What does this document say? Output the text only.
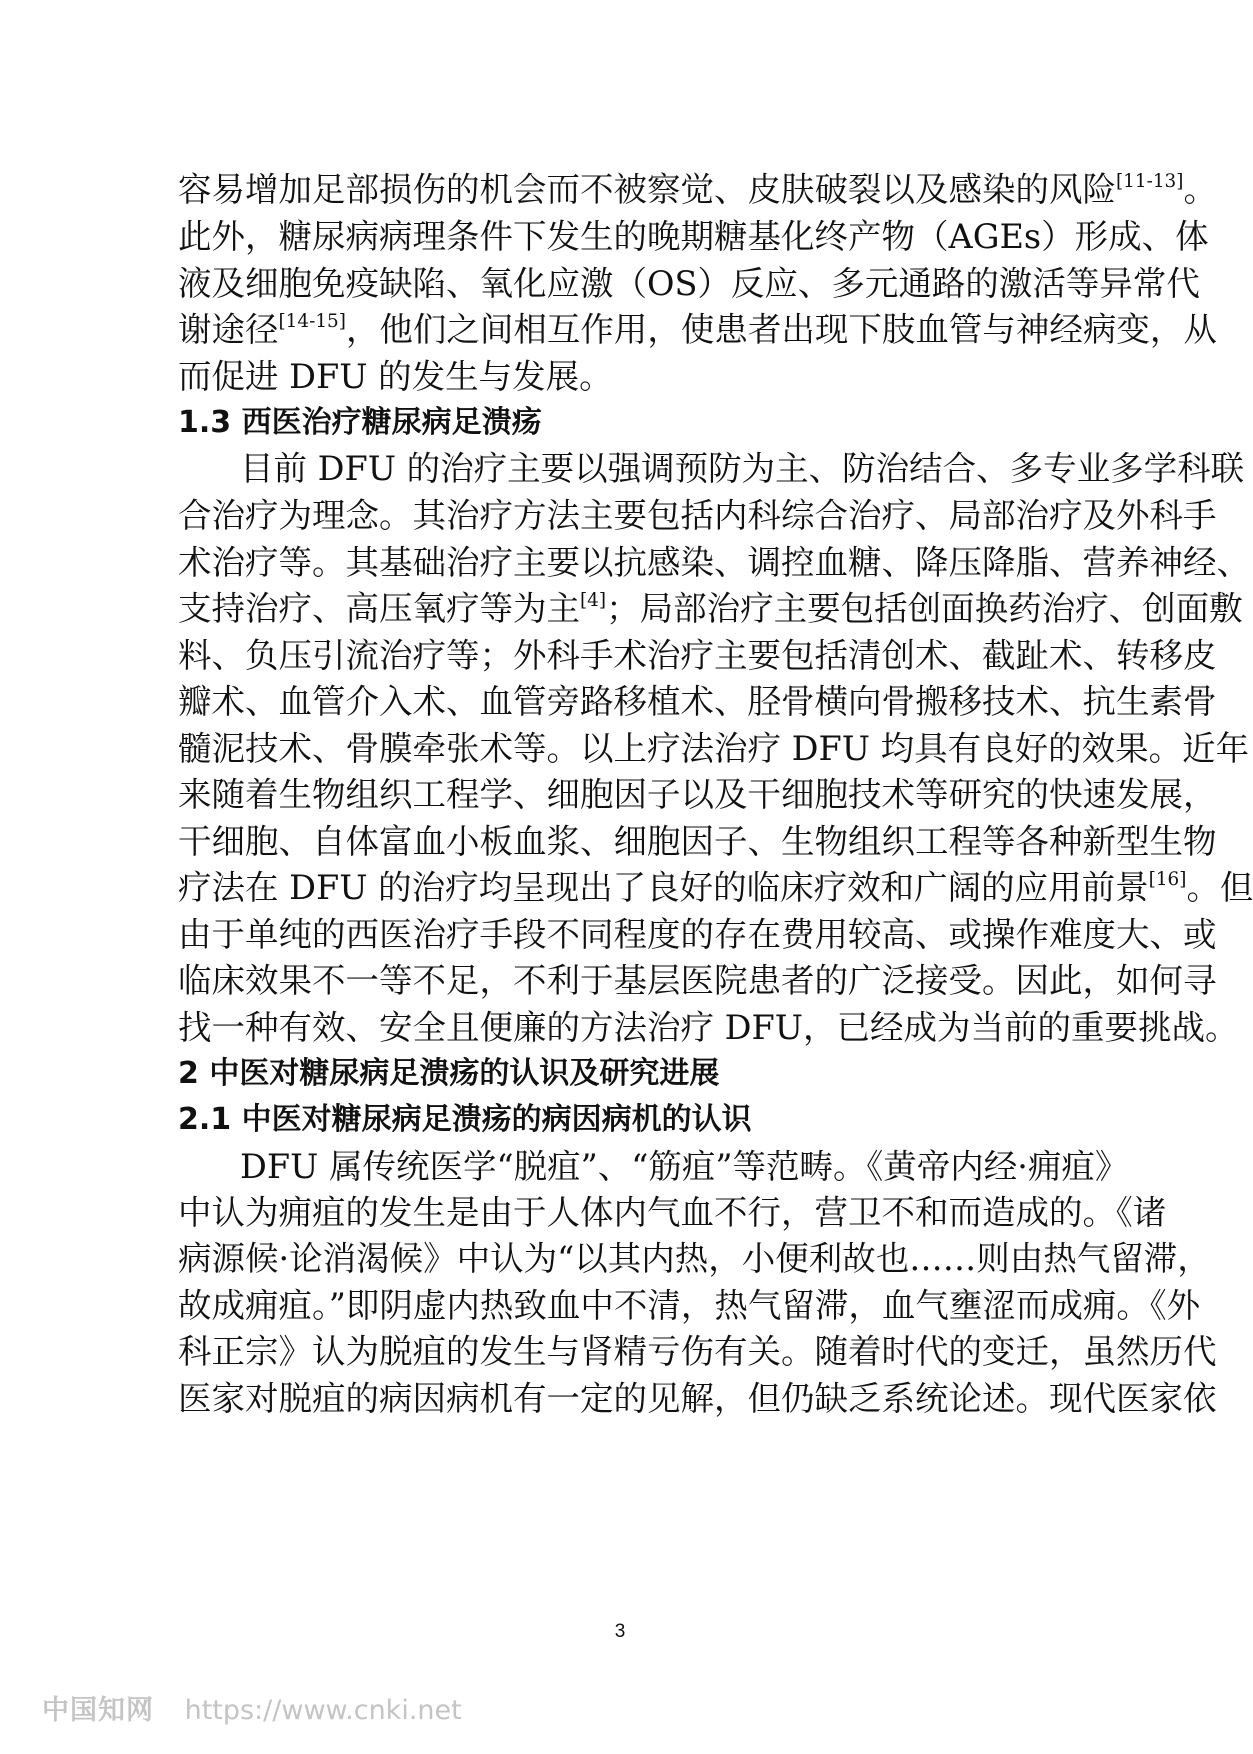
容易增加足部损伤的机会而不被察觉、皮肤破裂以及感染的风险[11-13]。
此外，糖尿病病理条件下发生的晚期糖基化终产物（AGEs）形成、体
液及细胞免疫缺陷、氧化应激（OS）反应、多元通路的激活等异常代
谢途径[14-15]，他们之间相互作用，使患者出现下肢血管与神经病变，从
而促进 DFU 的发生与发展。
1.3 西医治疗糖尿病足溃疡
目前 DFU 的治疗主要以强调预防为主、防治结合、多专业多学科联
合治疗为理念。其治疗方法主要包括内科综合治疗、局部治疗及外科手
术治疗等。其基础治疗主要以抗感染、调控血糖、降压降脂、营养神经、
支持治疗、高压氧疗等为主[4]；局部治疗主要包括创面换药治疗、创面敷
料、负压引流治疗等；外科手术治疗主要包括清创术、截趾术、转移皮
瓣术、血管介入术、血管旁路移植术、胫骨横向骨搬移技术、抗生素骨
髓泥技术、骨膜牵张术等。以上疗法治疗 DFU 均具有良好的效果。近年
来随着生物组织工程学、细胞因子以及干细胞技术等研究的快速发展，
干细胞、自体富血小板血浆、细胞因子、生物组织工程等各种新型生物
疗法在 DFU 的治疗均呈现出了良好的临床疗效和广阔的应用前景[16]。但
由于单纯的西医治疗手段不同程度的存在费用较高、或操作难度大、或
临床效果不一等不足，不利于基层医院患者的广泛接受。因此，如何寻
找一种有效、安全且便廉的方法治疗 DFU，已经成为当前的重要挑战。
2 中医对糖尿病足溃疡的认识及研究进展
2.1 中医对糖尿病足溃疡的病因病机的认识
DFU 属传统医学“脱疽”、“筋疽”等范畴。《黄帝内经·痈疽》
中认为痈疽的发生是由于人体内气血不行，营卫不和而造成的。《诸
病源候·论消渴候》中认为“以其内热，小便利故也……则由热气留滞，
故成痈疽。”即阴虚内热致血中不清，热气留滞，血气壅涩而成痈。《外
科正宗》认为脱疽的发生与肾精亏伤有关。随着时代的变迁，虽然历代
医家对脱疽的病因病机有一定的见解，但仍缺乏系统论述。现代医家依
3
中国知网 https://www.cnki.net
